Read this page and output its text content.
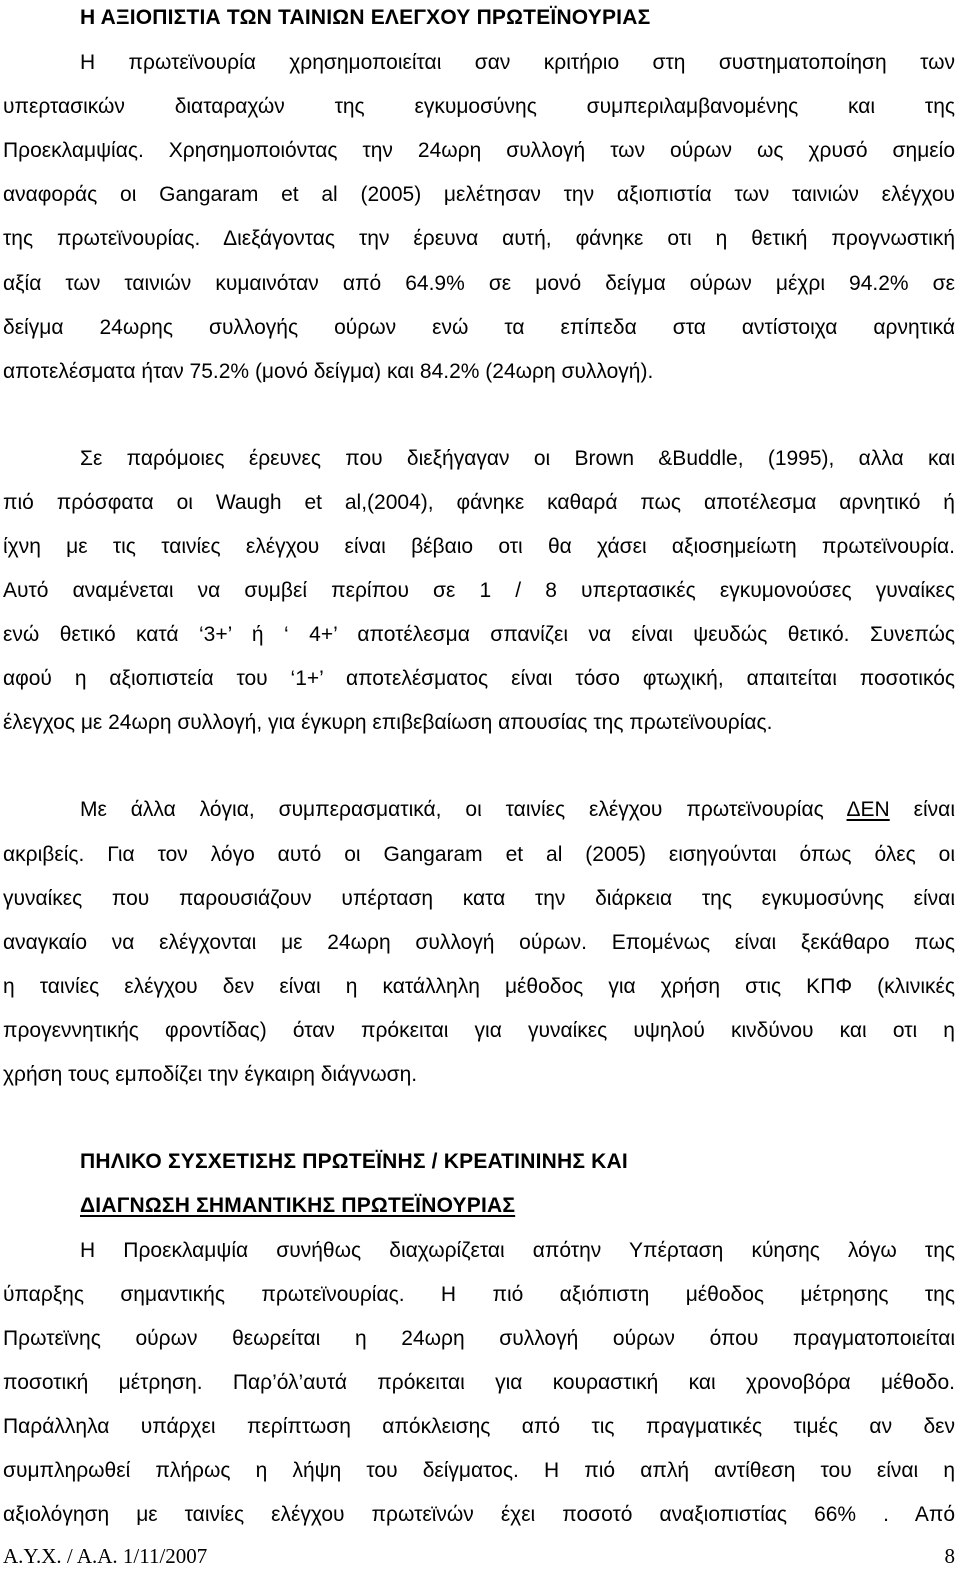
Η ΑΞΙΟΠΙΣΤΙΑ ΤΩΝ ΤΑΙΝΙΩΝ ΕΛΕΓΧΟΥ ΠΡΩΤΕΪΝΟΥΡΙΑΣ
Η πρωτεϊνουρία χρησημοποιείται σαν κριτήριο στη συστηματοποίηση των
υπερτασικών διαταραχών της εγκυμοσύνης συμπεριλαμβανομένης και της
Προεκλαμψίας. Χρησημοποιόντας την 24ωρη συλλογή των ούρων ως χρυσό σημείο
αναφοράς οι Gangaram et al (2005) μελέτησαν την αξιοπιστία των ταινιών ελέγχου
της πρωτεϊνουρίας. Διεξάγοντας την έρευνα αυτή, φάνηκε οτι η θετική προγνωστική
αξία των ταινιών κυμαινόταν από 64.9% σε μονό δείγμα ούρων μέχρι 94.2% σε
δείγμα 24ωρης συλλογής ούρων ενώ τα επίπεδα στα αντίστοιχα αρνητικά
αποτελέσματα ήταν 75.2% (μονό δείγμα) και 84.2% (24ωρη συλλογή).
Σε παρόμοιες έρευνες που διεξήγαγαν οι Brown &Buddle, (1995), αλλα και
πιό πρόσφατα οι Waugh et al,(2004), φάνηκε καθαρά πως αποτέλεσμα αρνητικό ή
ίχνη με τις ταινίες ελέγχου είναι βέβαιο οτι θα χάσει αξιοσημείωτη πρωτεϊνουρία.
Αυτό αναμένεται να συμβεί περίπου σε 1 / 8 υπερτασικές εγκυμονούσες γυναίκες
ενώ θετικό κατά ‘3+’ ή ‘ 4+’ αποτέλεσμα σπανίζει να είναι ψευδώς θετικό. Συνεπώς
αφού η αξιοπιστεία του ‘1+’ αποτελέσματος είναι τόσο φτωχική, απαιτείται ποσοτικός
έλεγχος με 24ωρη συλλογή, για έγκυρη επιβεβαίωση απουσίας της πρωτεϊνουρίας.
Με άλλα λόγια, συμπερασματικά, οι ταινίες ελέγχου πρωτεϊνουρίας ΔΕΝ είναι
ακριβείς. Για τον λόγο αυτό οι Gangaram et al (2005) εισηγούνται όπως όλες οι
γυναίκες που παρουσιάζουν υπέρταση κατα την διάρκεια της εγκυμοσύνης είναι
αναγκαίο να ελέγχονται με 24ωρη συλλογή ούρων. Επομένως είναι ξεκάθαρο πως
η ταινίες ελέγχου δεν είναι η κατάλληλη μέθοδος για χρήση στις ΚΠΦ (κλινικές
προγεννητικής φροντίδας) όταν πρόκειται για γυναίκες υψηλού κινδύνου και οτι η
χρήση τους εμποδίζει την έγκαιρη διάγνωση.
ΠΗΛΙΚΟ ΣΥΣΧΕΤΙΣΗΣ ΠΡΩΤΕΪΝΗΣ / ΚΡΕΑΤΙΝΙΝΗΣ ΚΑΙ
ΔΙΑΓΝΩΣΗ ΣΗΜΑΝΤΙΚΗΣ ΠΡΩΤΕΪΝΟΥΡΙΑΣ
Η Προεκλαμψία συνήθως διαχωρίζεται απότην Υπέρταση κύησης λόγω της
ύπαρξης σημαντικής πρωτεϊνουρίας. Η πιό αξιόπιστη μέθοδος μέτρησης της
Πρωτεϊνης ούρων θεωρείται η 24ωρη συλλογή ούρων όπου πραγματοποιείται
ποσοτική μέτρηση. Παρ’όλ’αυτά πρόκειται για κουραστική και χρονοβόρα μέθοδο.
Παράλληλα υπάρχει περίπτωση απόκλεισης από τις πραγματικές τιμές αν δεν
συμπληρωθεί πλήρως η λήψη του δείγματος. Η πιό απλή αντίθεση του είναι η
αξιολόγηση με ταινίες ελέγχου πρωτεϊνών έχει ποσοτό αναξιοπιστίας 66% . Από
Α.Υ.Χ. / Α.Α. 1/11/2007	8
